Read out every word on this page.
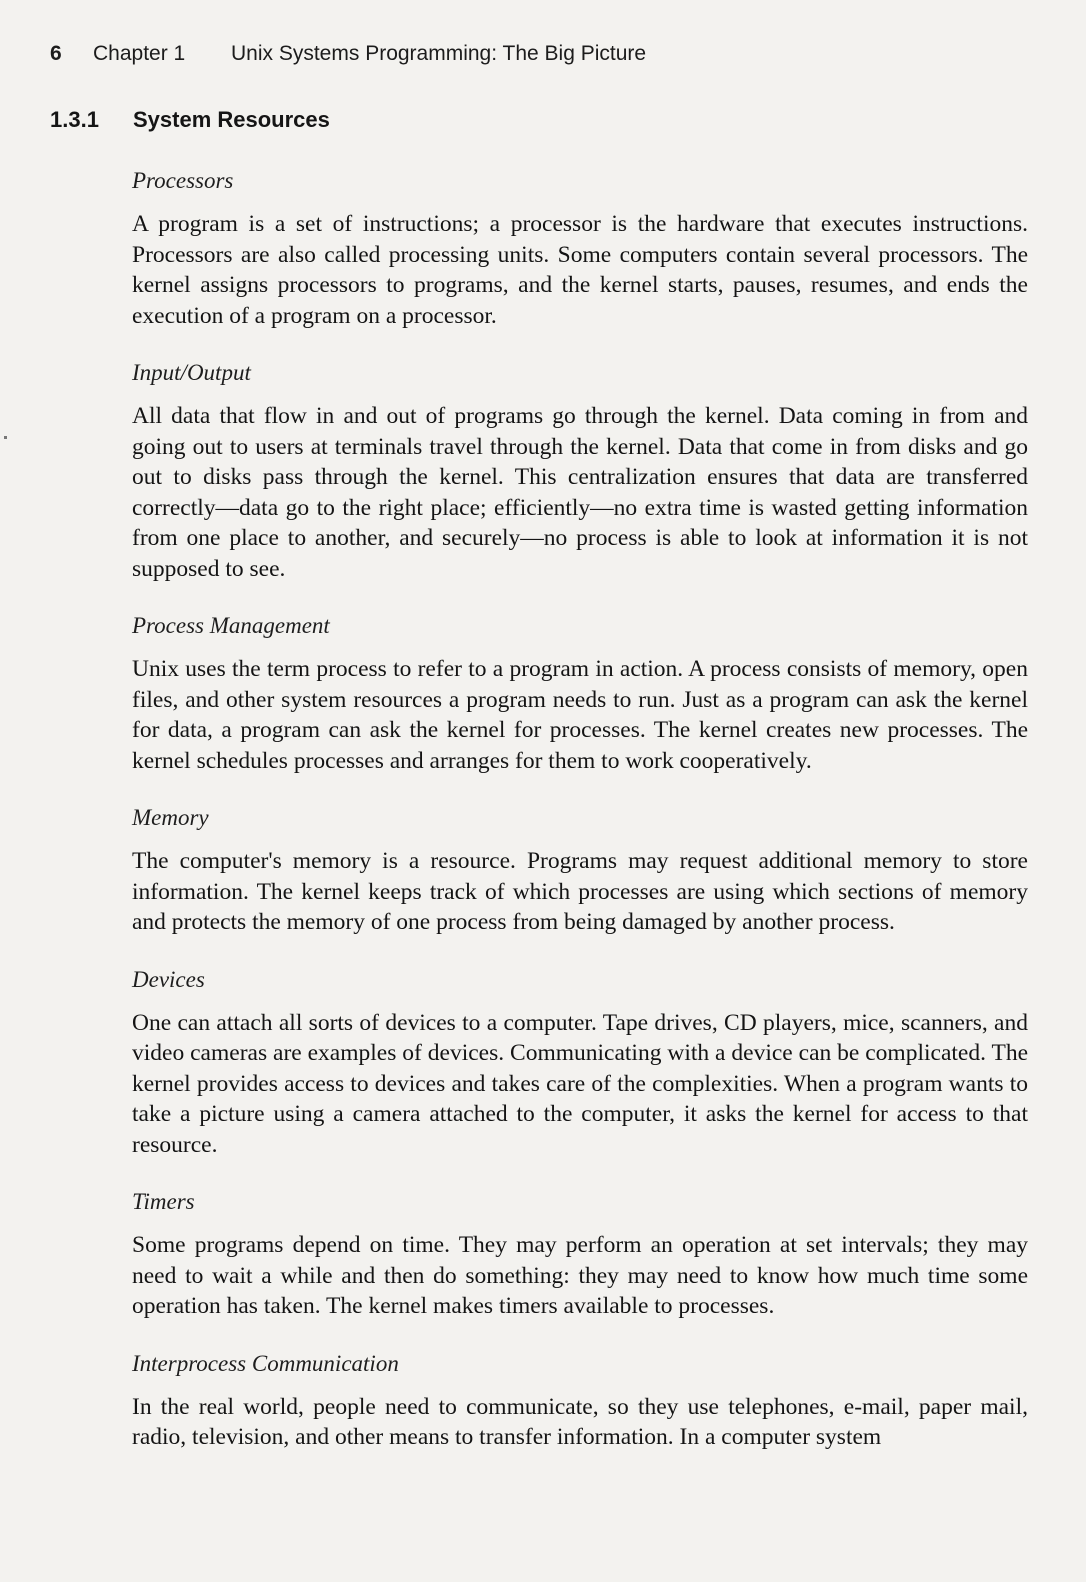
6 Chapter 1 Unix Systems Programming: The Big Picture
1.3.1 System Resources
Processors

A program is a set of instructions; a processor is the hardware that executes instructions. Processors are also called processing units. Some computers contain several processors. The kernel assigns processors to programs, and the kernel starts, pauses, resumes, and ends the execution of a program on a processor.

Input/Output

All data that flow in and out of programs go through the kernel. Data coming in from and going out to users at terminals travel through the kernel. Data that come in from disks and go out to disks pass through the kernel. This centralization ensures that data are transferred correctly—data go to the right place; efficiently—no extra time is wasted getting information from one place to another, and securely—no process is able to look at information it is not supposed to see.

Process Management

Unix uses the term process to refer to a program in action. A process consists of memory, open files, and other system resources a program needs to run. Just as a program can ask the kernel for data, a program can ask the kernel for processes. The kernel creates new processes. The kernel schedules processes and arranges for them to work cooperatively.

Memory

The computer's memory is a resource. Programs may request additional memory to store information. The kernel keeps track of which processes are using which sections of memory and protects the memory of one process from being damaged by another process.

Devices

One can attach all sorts of devices to a computer. Tape drives, CD players, mice, scanners, and video cameras are examples of devices. Communicating with a device can be complicated. The kernel provides access to devices and takes care of the complexities. When a program wants to take a picture using a camera attached to the computer, it asks the kernel for access to that resource.

Timers

Some programs depend on time. They may perform an operation at set intervals; they may need to wait a while and then do something: they may need to know how much time some operation has taken. The kernel makes timers available to processes.

Interprocess Communication

In the real world, people need to communicate, so they use telephones, e-mail, paper mail, radio, television, and other means to transfer information. In a computer system
